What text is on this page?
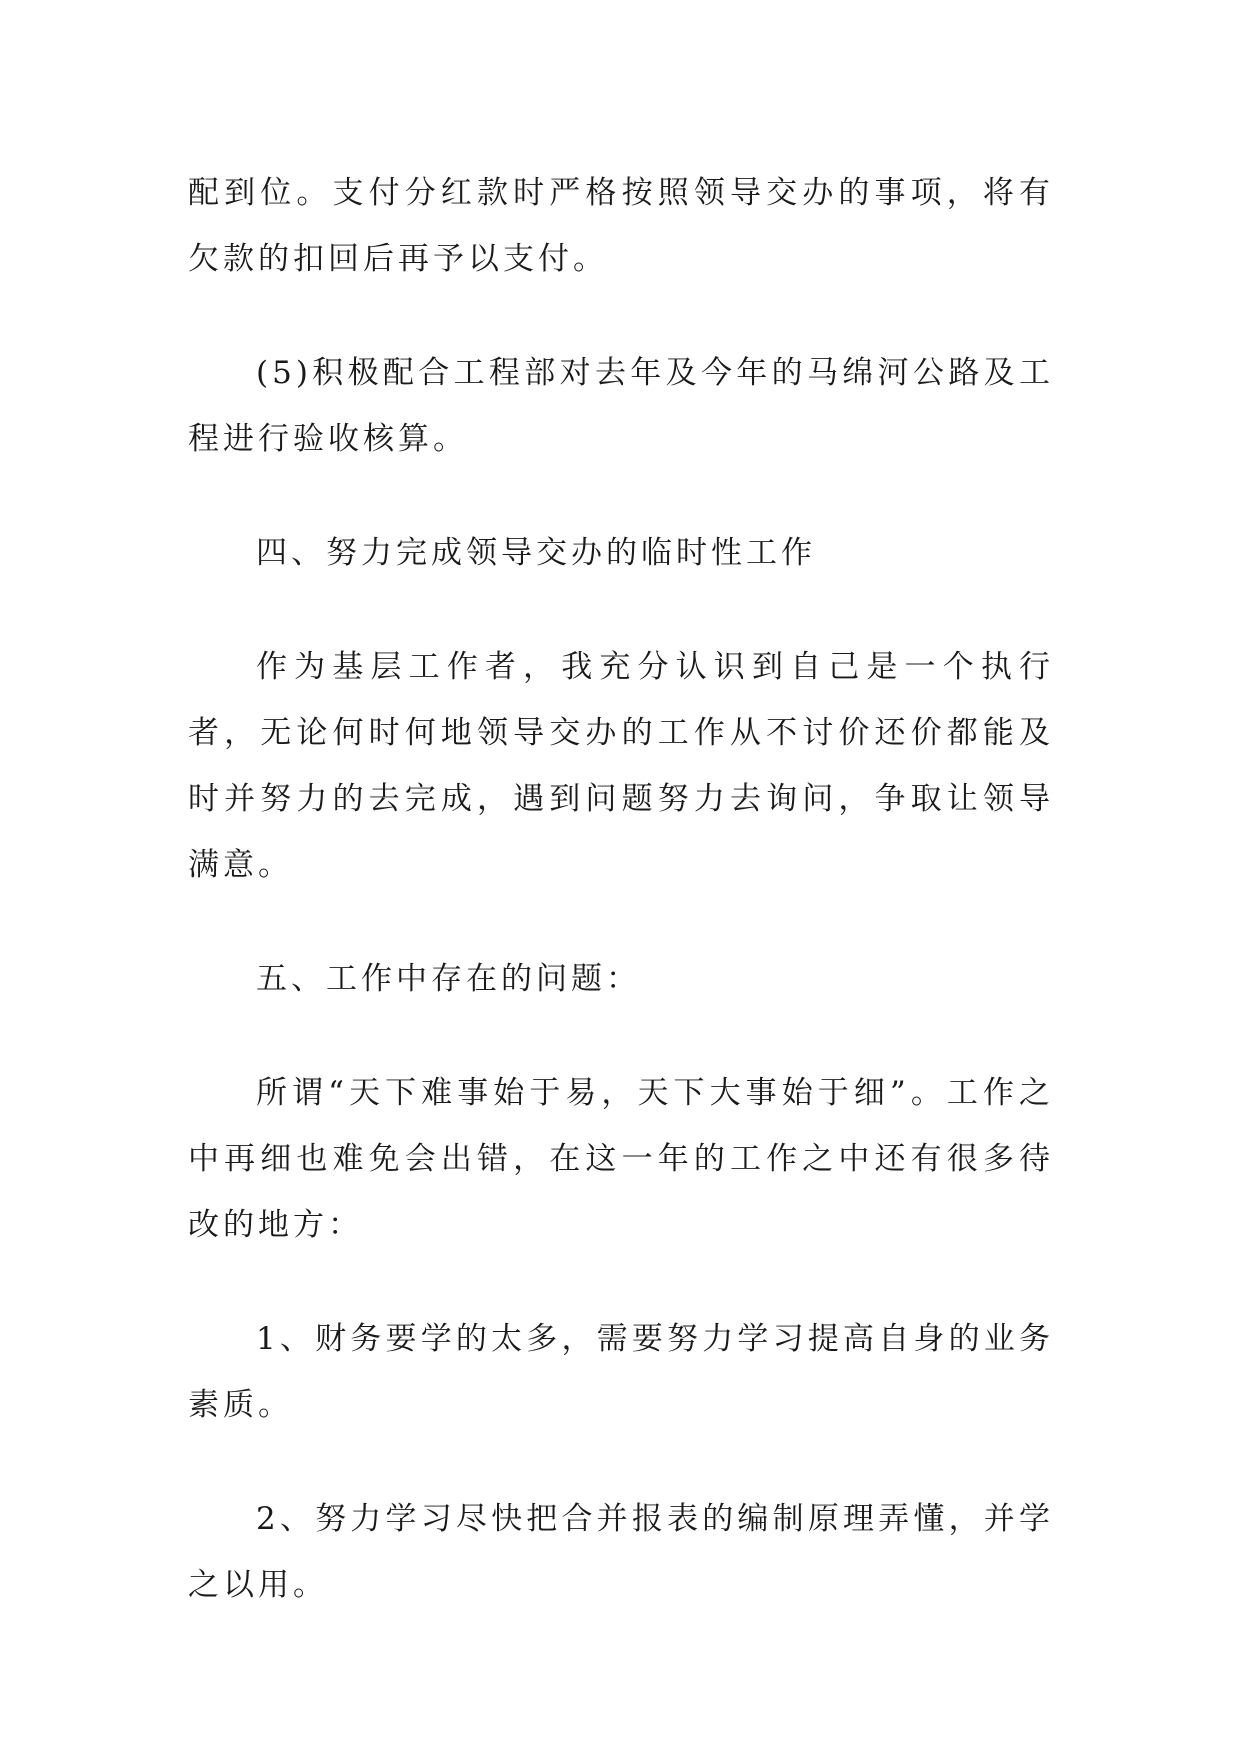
配到位。支付分红款时严格按照领导交办的事项，将有欠款的扣回后再予以支付。

(5)积极配合工程部对去年及今年的马绵河公路及工程进行验收核算。

四、努力完成领导交办的临时性工作

作为基层工作者，我充分认识到自己是一个执行者，无论何时何地领导交办的工作从不讨价还价都能及时并努力的去完成，遇到问题努力去询问，争取让领导满意。

五、工作中存在的问题：

所谓“天下难事始于易，天下大事始于细”。工作之中再细也难免会出错，在这一年的工作之中还有很多待改的地方：

1、财务要学的太多，需要努力学习提高自身的业务素质。

2、努力学习尽快把合并报表的编制原理弄懂，并学之以用。
